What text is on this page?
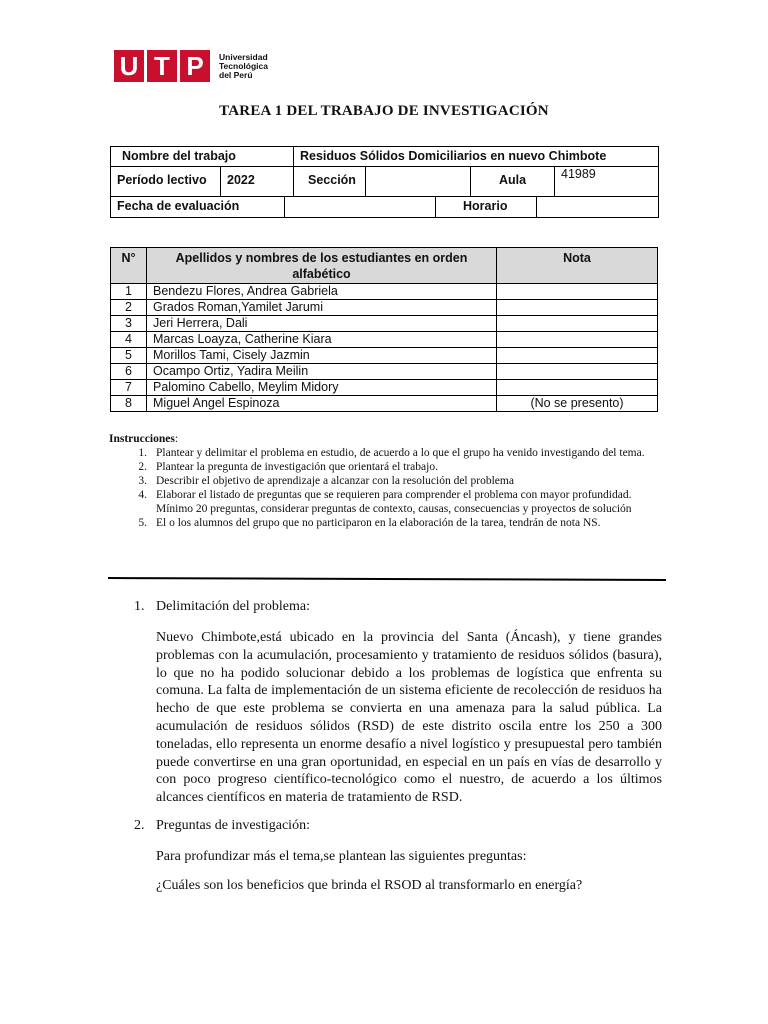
U T P	Universidad
Tecnológica
del Perú
TAREA 1 DEL TRABAJO DE INVESTIGACIÓN
Nombre del trabajo	Residuos Sólidos Domiciliarios en nuevo Chimbote
Período lectivo	2022	Sección	Aula	41989
Fecha de evaluación	Horario
N°	Apellidos y nombres de los estudiantes en orden alfabético	Nota
1	Bendezu Flores, Andrea Gabriela	
2	Grados Roman,Yamilet Jarumi	
3	Jeri Herrera, Dali	
4	Marcas Loayza, Catherine Kiara	
5	Morillos Tami, Cisely Jazmin	
6	Ocampo Ortiz, Yadira Meilin	
7	Palomino Cabello, Meylim Midory	
8	Miguel Angel Espinoza	(No se presento)
Instrucciones:
1. Plantear y delimitar el problema en estudio, de acuerdo a lo que el grupo ha venido investigando del tema.
2. Plantear la pregunta de investigación que orientará el trabajo.
3. Describir el objetivo de aprendizaje a alcanzar con la resolución del problema
4. Elaborar el listado de preguntas que se requieren para comprender el problema con mayor profundidad. Mínimo 20 preguntas, considerar preguntas de contexto, causas, consecuencias y proyectos de solución
5. El o los alumnos del grupo que no participaron en la elaboración de la tarea, tendrán de nota NS.
1. Delimitación del problema:
Nuevo Chimbote,está ubicado en la provincia del Santa (Áncash), y tiene grandes problemas con la acumulación, procesamiento y tratamiento de residuos sólidos (basura), lo que no ha podido solucionar debido a los problemas de logística que enfrenta su comuna. La falta de implementación de un sistema eficiente de recolección de residuos ha hecho de que este problema se convierta en una amenaza para la salud pública. La acumulación de residuos sólidos (RSD) de este distrito oscila entre los 250 a 300 toneladas, ello representa un enorme desafío a nivel logístico y presupuestal pero también puede convertirse en una gran oportunidad, en especial en un país en vías de desarrollo y con poco progreso científico-tecnológico como el nuestro, de acuerdo a los últimos alcances científicos en materia de tratamiento de RSD.
2. Preguntas de investigación:
Para profundizar más el tema,se plantean las siguientes preguntas:
¿Cuáles son los beneficios que brinda el RSOD al transformarlo en energía?
